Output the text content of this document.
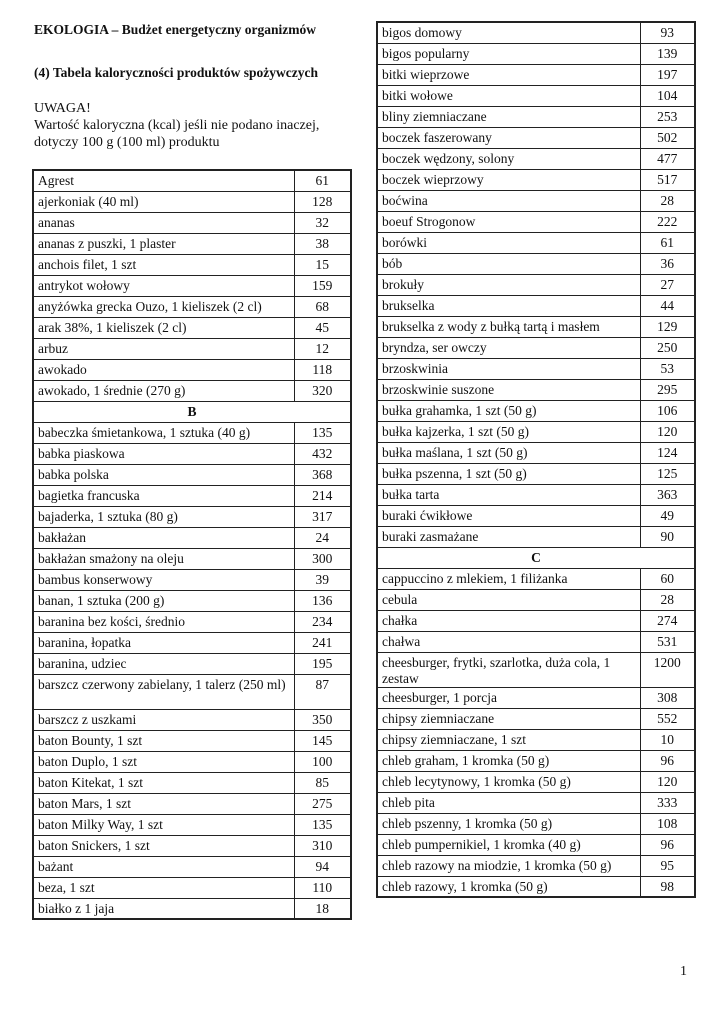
EKOLOGIA – Budżet energetyczny organizmów
(4) Tabela kaloryczności produktów spożywczych
UWAGA!
Wartość kaloryczna (kcal) jeśli nie podano inaczej, dotyczy 100 g (100 ml) produktu
Agrest	61
ajerkoniak (40 ml)	128
ananas	32
ananas z puszki, 1 plaster	38
anchois filet, 1 szt	15
antrykot wołowy	159
anyżówka grecka Ouzo, 1 kieliszek (2 cl)	68
arak 38%, 1 kieliszek (2 cl)	45
arbuz	12
awokado	118
awokado, 1 średnie (270 g)	320
B	
babeczka śmietankowa, 1 sztuka (40 g)	135
babka piaskowa	432
babka polska	368
bagietka francuska	214
bajaderka, 1 sztuka (80 g)	317
bakłażan	24
bakłażan smażony na oleju	300
bambus konserwowy	39
banan, 1 sztuka (200 g)	136
baranina bez kości, średnio	234
baranina, łopatka	241
baranina, udziec	195
barszcz czerwony zabielany, 1 talerz (250 ml)	87
barszcz z uszkami	350
baton Bounty, 1 szt	145
baton Duplo, 1 szt	100
baton Kitekat, 1 szt	85
baton Mars, 1 szt	275
baton Milky Way, 1 szt	135
baton Snickers, 1 szt	310
bażant	94
beza, 1 szt	110
białko z 1 jaja	18
bigos domowy	93
bigos popularny	139
bitki wieprzowe	197
bitki wołowe	104
bliny ziemniaczane	253
boczek faszerowany	502
boczek wędzony, solony	477
boczek wieprzowy	517
boćwina	28
boeuf Strogonow	222
borówki	61
bób	36
brokuły	27
brukselka	44
brukselka z wody z bułką tartą i masłem	129
bryndza, ser owczy	250
brzoskwinia	53
brzoskwinie suszone	295
bułka grahamka, 1 szt (50 g)	106
bułka kajzerka, 1 szt (50 g)	120
bułka maślana, 1 szt (50 g)	124
bułka pszenna, 1 szt (50 g)	125
bułka tarta	363
buraki ćwikłowe	49
buraki zasmażane	90
C	
cappuccino z mlekiem, 1 filiżanka	60
cebula	28
chałka	274
chałwa	531
cheesburger, frytki, szarlotka, duża cola, 1 zestaw	1200
cheesburger, 1 porcja	308
chipsy ziemniaczane	552
chipsy ziemniaczane, 1 szt	10
chleb graham, 1 kromka (50 g)	96
chleb lecytynowy, 1 kromka (50 g)	120
chleb pita	333
chleb pszenny, 1 kromka (50 g)	108
chleb pumpernikiel, 1 kromka (40 g)	96
chleb razowy na miodzie, 1 kromka (50 g)	95
chleb razowy, 1 kromka (50 g)	98
1
